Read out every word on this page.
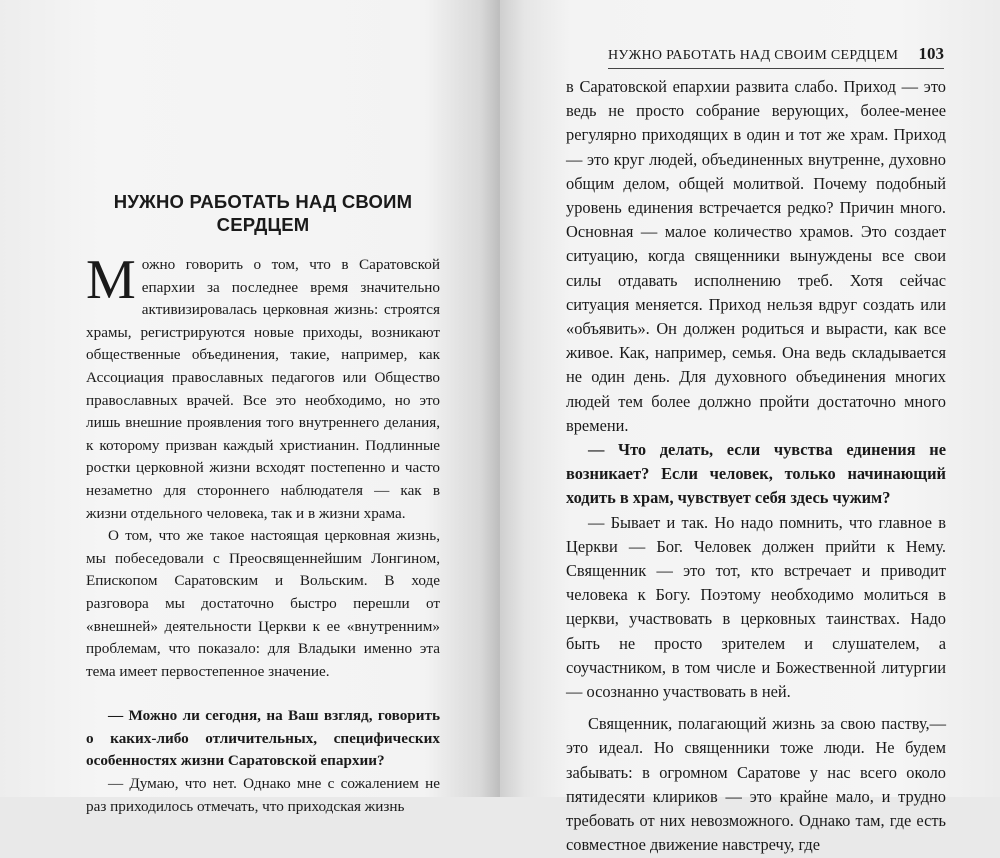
НУЖНО РАБОТАТЬ НАД СВОИМ СЕРДЦЕМ

Можно говорить о том, что в Саратовской епархии за последнее время значительно активизировалась церковная жизнь: строятся храмы, регистрируются новые приходы, возникают общественные объединения, такие, например, как Ассоциация православных педагогов или Общество православных врачей. Все это необходимо, но это лишь внешние проявления того внутреннего делания, к которому призван каждый христианин. Подлинные ростки церковной жизни всходят постепенно и часто незаметно для стороннего наблюдателя — как в жизни отдельного человека, так и в жизни храма.

О том, что же такое настоящая церковная жизнь, мы побеседовали с Преосвященнейшим Лонгином, Епископом Саратовским и Вольским. В ходе разговора мы достаточно быстро перешли от «внешней» деятельности Церкви к ее «внутренним» проблемам, что показало: для Владыки именно эта тема имеет первостепенное значение.

— Можно ли сегодня, на Ваш взгляд, говорить о каких-либо отличительных, специфических особенностях жизни Саратовской епархии?

— Думаю, что нет. Однако мне с сожалением не раз приходилось отмечать, что приходская жизнь

НУЖНО РАБОТАТЬ НАД СВОИМ СЕРДЦЕМ 103

в Саратовской епархии развита слабо. Приход — это ведь не просто собрание верующих, более-менее регулярно приходящих в один и тот же храм. Приход — это круг людей, объединенных внутренне, духовно общим делом, общей молитвой. Почему подобный уровень единения встречается редко? Причин много. Основная — малое количество храмов. Это создает ситуацию, когда священники вынуждены все свои силы отдавать исполнению треб. Хотя сейчас ситуация меняется. Приход нельзя вдруг создать или «объявить». Он должен родиться и вырасти, как все живое. Как, например, семья. Она ведь складывается не один день. Для духовного объединения многих людей тем более должно пройти достаточно много времени.

— Что делать, если чувства единения не возникает? Если человек, только начинающий ходить в храм, чувствует себя здесь чужим?

— Бывает и так. Но надо помнить, что главное в Церкви — Бог. Человек должен прийти к Нему. Священник — это тот, кто встречает и приводит человека к Богу. Поэтому необходимо молиться в церкви, участвовать в церковных таинствах. Надо быть не просто зрителем и слушателем, а соучастником, в том числе и Божественной литургии — осознанно участвовать в ней.

Священник, полагающий жизнь за свою паству,— это идеал. Но священники тоже люди. Не будем забывать: в огромном Саратове у нас всего около пятидесяти клириков — это крайне мало, и трудно требовать от них невозможного. Однако там, где есть совместное движение навстречу, где
